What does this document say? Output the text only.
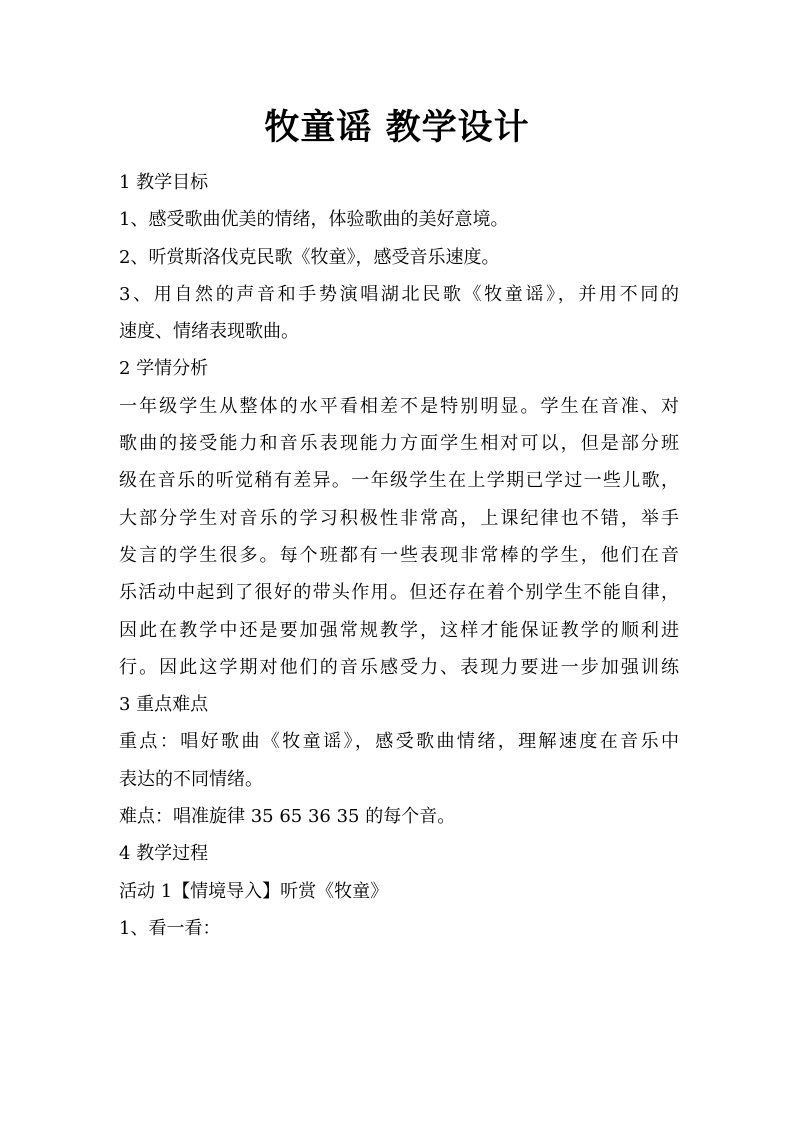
牧童谣 教学设计
1 教学目标
1、感受歌曲优美的情绪，体验歌曲的美好意境。
2、听赏斯洛伐克民歌《牧童》，感受音乐速度。
3、用自然的声音和手势演唱湖北民歌《牧童谣》，并用不同的
速度、情绪表现歌曲。
2 学情分析
一年级学生从整体的水平看相差不是特别明显。学生在音准、对
歌曲的接受能力和音乐表现能力方面学生相对可以，但是部分班
级在音乐的听觉稍有差异。一年级学生在上学期已学过一些儿歌，
大部分学生对音乐的学习积极性非常高，上课纪律也不错，举手
发言的学生很多。每个班都有一些表现非常棒的学生，他们在音
乐活动中起到了很好的带头作用。但还存在着个别学生不能自律，
因此在教学中还是要加强常规教学，这样才能保证教学的顺利进
行。因此这学期对他们的音乐感受力、表现力要进一步加强训练
3 重点难点
重点：唱好歌曲《牧童谣》，感受歌曲情绪，理解速度在音乐中
表达的不同情绪。
难点：唱准旋律 35 65 36 35 的每个音。
4 教学过程
活动 1【情境导入】听赏《牧童》
1、看一看：
